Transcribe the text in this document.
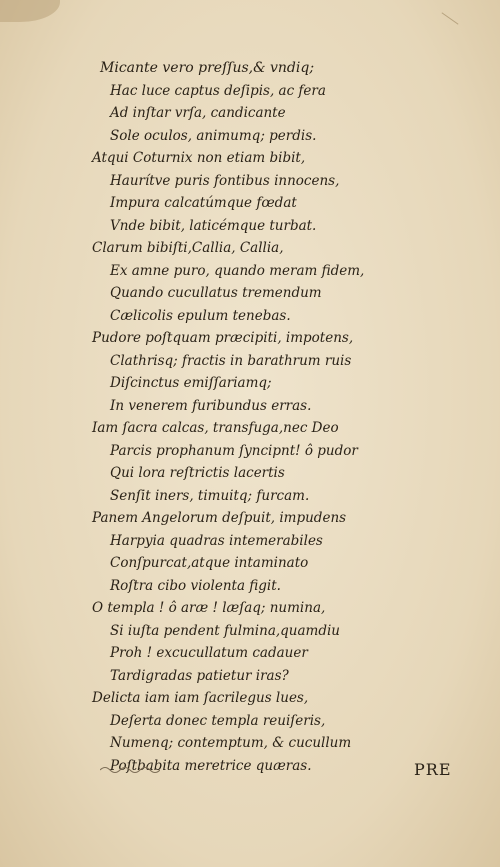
Micante vero preſſus,& vndiq;
Hac luce captus deſipis, ac fera
Ad inſtar vrſa, candicante
Sole oculos, animumq; perdis.
Atqui Coturnix non etiam bibit,
Haurítve puris fontibus innocens,
Impura calcatúmque fœdat
Vnde bibit, laticémque turbat.
Clarum bibiſti,Callia, Callia,
Ex amne puro, quando meram fidem,
Quando cucullatus tremendum
Cælicolis epulum tenebas.
Pudore poſtquam præcipiti, impotens,
Clathrisq; fractis in barathrum ruis
Diſcinctus emiſſariamq;
In venerem furibundus erras.
Iam ſacra calcas, transfuga,nec Deo
Parcis prophanum ſyncipnt! ô pudor
Qui lora reſtrictis lacertis
Senſit iners, timuitq; furcam.
Panem Angelorum deſpuit, impudens
Harpyia quadras intemerabiles
Conſpurcat,atque intaminato
Roſtra cibo violenta figit.
O templa ! ô aræ ! læſaq; numina,
Si iuſta pendent fulmina,quamdiu
Proh ! excucullatum cadauer
Tardigradas patietur iras?
Delicta iam iam ſacrilegus lues,
Deſerta donec templa reuiſeris,
Numenq; contemptum, & cucullum
Poſtbabita meretrice quæras.	PRE
